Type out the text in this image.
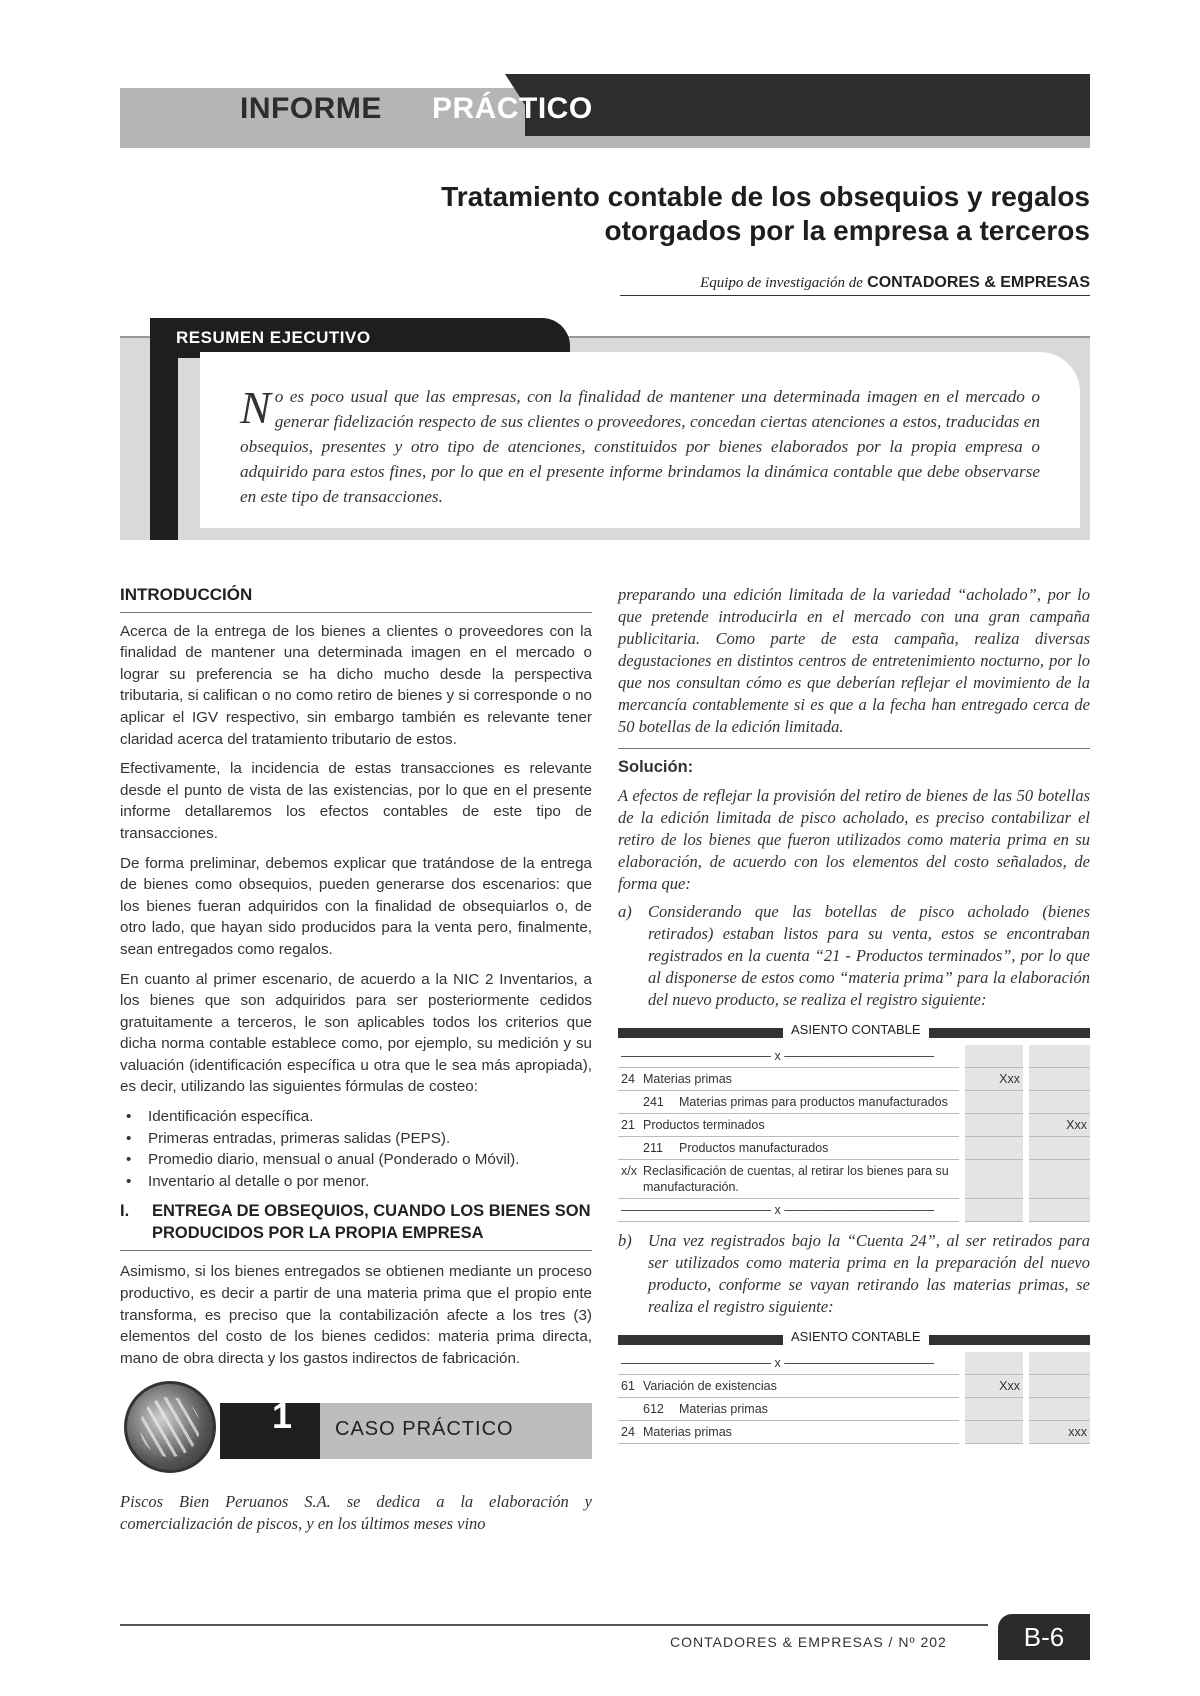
INFORME PRÁCTICO
Tratamiento contable de los obsequios y regalos
otorgados por la empresa a terceros
Equipo de investigación de CONTADORES & EMPRESAS
RESUMEN EJECUTIVO
No es poco usual que las empresas, con la finalidad de mantener una determinada imagen en el mercado o generar fidelización respecto de sus clientes o proveedores, concedan ciertas atenciones a estos, traducidas en obsequios, presentes y otro tipo de atenciones, constituidos por bienes elaborados por la propia empresa o adquirido para estos fines, por lo que en el presente informe brindamos la dinámica contable que debe observarse en este tipo de transacciones.
INTRODUCCIÓN

Acerca de la entrega de los bienes a clientes o proveedores con la finalidad de mantener una determinada imagen en el mercado o lograr su preferencia se ha dicho mucho desde la perspectiva tributaria, si califican o no como retiro de bienes y si corresponde o no aplicar el IGV respectivo, sin embargo también es relevante tener claridad acerca del tratamiento tributario de estos.

Efectivamente, la incidencia de estas transacciones es relevante desde el punto de vista de las existencias, por lo que en el presente informe detallaremos los efectos contables de este tipo de transacciones.

De forma preliminar, debemos explicar que tratándose de la entrega de bienes como obsequios, pueden generarse dos escenarios: que los bienes fueran adquiridos con la finalidad de obsequiarlos o, de otro lado, que hayan sido producidos para la venta pero, finalmente, sean entregados como regalos.

En cuanto al primer escenario, de acuerdo a la NIC 2 Inventarios, a los bienes que son adquiridos para ser posteriormente cedidos gratuitamente a terceros, le son aplicables todos los criterios que dicha norma contable establece como, por ejemplo, su medición y su valuación (identificación específica u otra que le sea más apropiada), es decir, utilizando las siguientes fórmulas de costeo:

• Identificación específica.
• Primeras entradas, primeras salidas (PEPS).
• Promedio diario, mensual o anual (Ponderado o Móvil).
• Inventario al detalle o por menor.
I.	ENTREGA DE OBSEQUIOS, CUANDO LOS BIENES SON PRODUCIDOS POR LA PROPIA EMPRESA

Asimismo, si los bienes entregados se obtienen mediante un proceso productivo, es decir a partir de una materia prima que el propio ente transforma, es preciso que la contabilización afecte a los tres (3) elementos del costo de los bienes cedidos: materia prima directa, mano de obra directa y los gastos indirectos de fabricación.

1 CASO PRÁCTICO

Piscos Bien Peruanos S.A. se dedica a la elaboración y comercialización de piscos, y en los últimos meses vino

preparando una edición limitada de la variedad “acholado”, por lo que pretende introducirla en el mercado con una gran campaña publicitaria. Como parte de esta campaña, realiza diversas degustaciones en distintos centros de entretenimiento nocturno, por lo que nos consultan cómo es que deberían reflejar el movimiento de la mercancía contablemente si es que a la fecha han entregado cerca de 50 botellas de la edición limitada.

Solución:

A efectos de reflejar la provisión del retiro de bienes de las 50 botellas de la edición limitada de pisco acholado, es preciso contabilizar el retiro de los bienes que fueron utilizados como materia prima en su elaboración, de acuerdo con los elementos del costo señalados, de forma que:

a) Considerando que las botellas de pisco acholado (bienes retirados) estaban listos para su venta, estos se encontraban registrados en la cuenta “21 - Productos terminados”, por lo que al disponerse de estos como “materia prima” para la elaboración del nuevo producto, se realiza el registro siguiente:
ASIENTO CONTABLE
———————————— x ————————————				
24	Materias primas		Xxx	
	241	Materias primas para productos manufacturados		
21	Productos terminados			Xxx
	211	Productos manufacturados		
x/x	Reclasificación de cuentas, al retirar los bienes para su manufacturación.			
———————————— x ————————————				
b) Una vez registrados bajo la “Cuenta 24”, al ser retirados para ser utilizados como materia prima en la preparación del nuevo producto, conforme se vayan retirando las materias primas, se realiza el registro siguiente:
ASIENTO CONTABLE
———————————— x ————————————				
61	Variación de existencias		Xxx	
	612	Materias primas		
24	Materias primas			xxx
CONTADORES & EMPRESAS / Nº 202	B-6
